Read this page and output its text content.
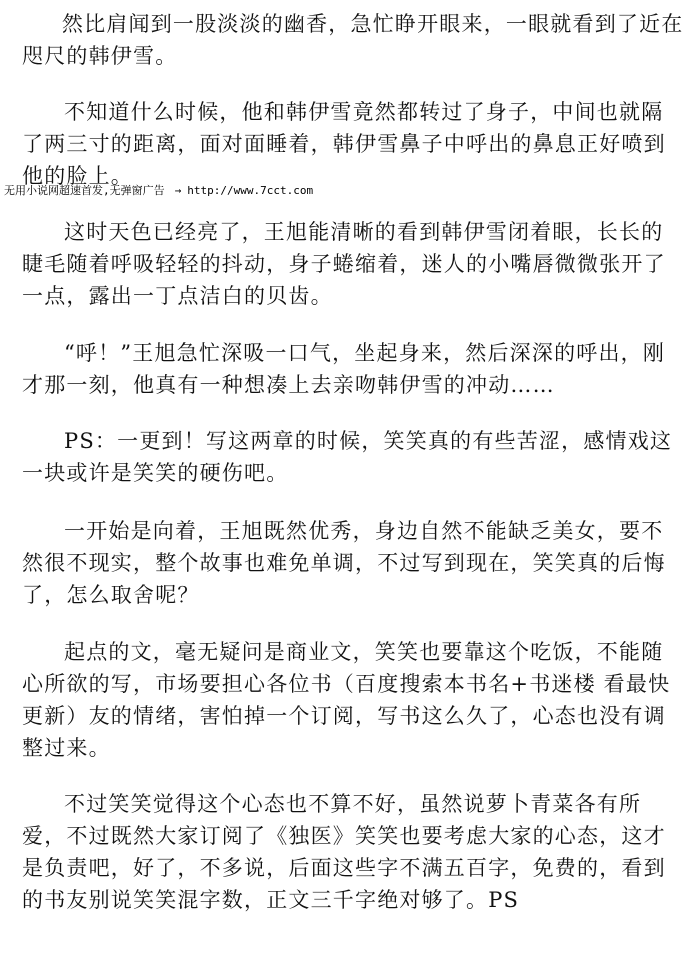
然比肩闻到一股淡淡的幽香，急忙睁开眼来，一眼就看到了近在咫尺的韩伊雪。

不知道什么时候，他和韩伊雪竟然都转过了身子，中间也就隔了两三寸的距离，面对面睡着，韩伊雪鼻子中呼出的鼻息正好喷到他的脸上。

无用小说网超速首发,无弹窗广告 → http://www.7cct.com

这时天色已经亮了，王旭能清晰的看到韩伊雪闭着眼，长长的睫毛随着呼吸轻轻的抖动，身子蜷缩着，迷人的小嘴唇微微张开了一点，露出一丁点洁白的贝齿。

“呼！”王旭急忙深吸一口气，坐起身来，然后深深的呼出，刚才那一刻，他真有一种想凑上去亲吻韩伊雪的冲动……

PS：一更到！写这两章的时候，笑笑真的有些苦涩，感情戏这一块或许是笑笑的硬伤吧。

一开始是向着，王旭既然优秀，身边自然不能缺乏美女，要不然很不现实，整个故事也难免单调，不过写到现在，笑笑真的后悔了，怎么取舍呢？

起点的文，毫无疑问是商业文，笑笑也要靠这个吃饭，不能随心所欲的写，市场要担心各位书（百度搜索本书名+书迷楼 看最快更新）友的情绪，害怕掉一个订阅，写书这么久了，心态也没有调整过来。

不过笑笑觉得这个心态也不算不好，虽然说萝卜青菜各有所爱，不过既然大家订阅了《独医》笑笑也要考虑大家的心态，这才是负责吧，好了，不多说，后面这些字不满五百字，免费的，看到的书友别说笑笑混字数，正文三千字绝对够了。PS
